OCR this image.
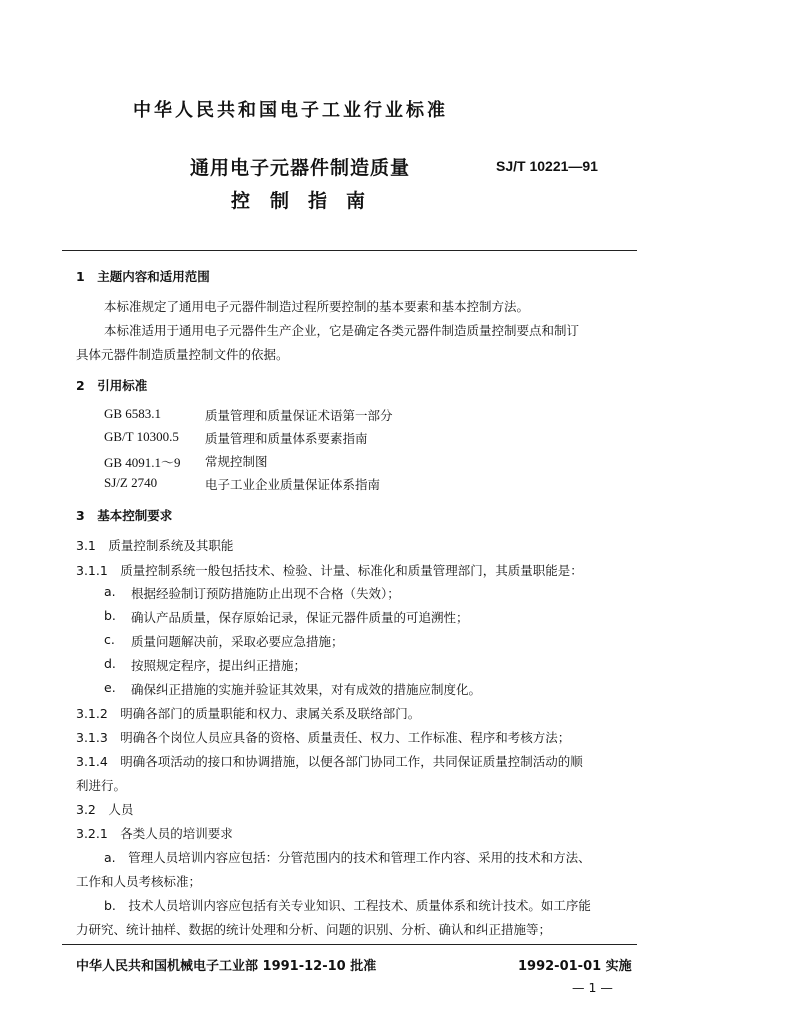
中华人民共和国电子工业行业标准
通用电子元器件制造质量	SJ/T 10221—91
控 制 指 南
1　主题内容和适用范围
本标准规定了通用电子元器件制造过程所要控制的基本要素和基本控制方法。
本标准适用于通用电子元器件生产企业，它是确定各类元器件制造质量控制要点和制订
具体元器件制造质量控制文件的依据。
2　引用标准
GB 6583.1	质量管理和质量保证术语第一部分
GB/T 10300.5 质量管理和质量体系要素指南
GB 4091.1～9 常规控制图
SJ/Z 2740	电子工业企业质量保证体系指南
3　基本控制要求
3.1　质量控制系统及其职能
3.1.1　质量控制系统一般包括技术、检验、计量、标准化和质量管理部门，其质量职能是：
a. 根据经验制订预防措施防止出现不合格（失效）；
b. 确认产品质量，保存原始记录，保证元器件质量的可追溯性；
c. 质量问题解决前，采取必要应急措施；
d. 按照规定程序，提出纠正措施；
e. 确保纠正措施的实施并验证其效果，对有成效的措施应制度化。
3.1.2　明确各部门的质量职能和权力、隶属关系及联络部门。
3.1.3　明确各个岗位人员应具备的资格、质量责任、权力、工作标准、程序和考核方法；
3.1.4　明确各项活动的接口和协调措施，以便各部门协同工作，共同保证质量控制活动的顺
利进行。
3.2　人员
3.2.1　各类人员的培训要求
a.　管理人员培训内容应包括：分管范围内的技术和管理工作内容、采用的技术和方法、
工作和人员考核标准；
b.　技术人员培训内容应包括有关专业知识、工程技术、质量体系和统计技术。如工序能
力研究、统计抽样、数据的统计处理和分析、问题的识别、分析、确认和纠正措施等；
中华人民共和国机械电子工业部 1991-12-10 批准	1992-01-01 实施
— 1 —
